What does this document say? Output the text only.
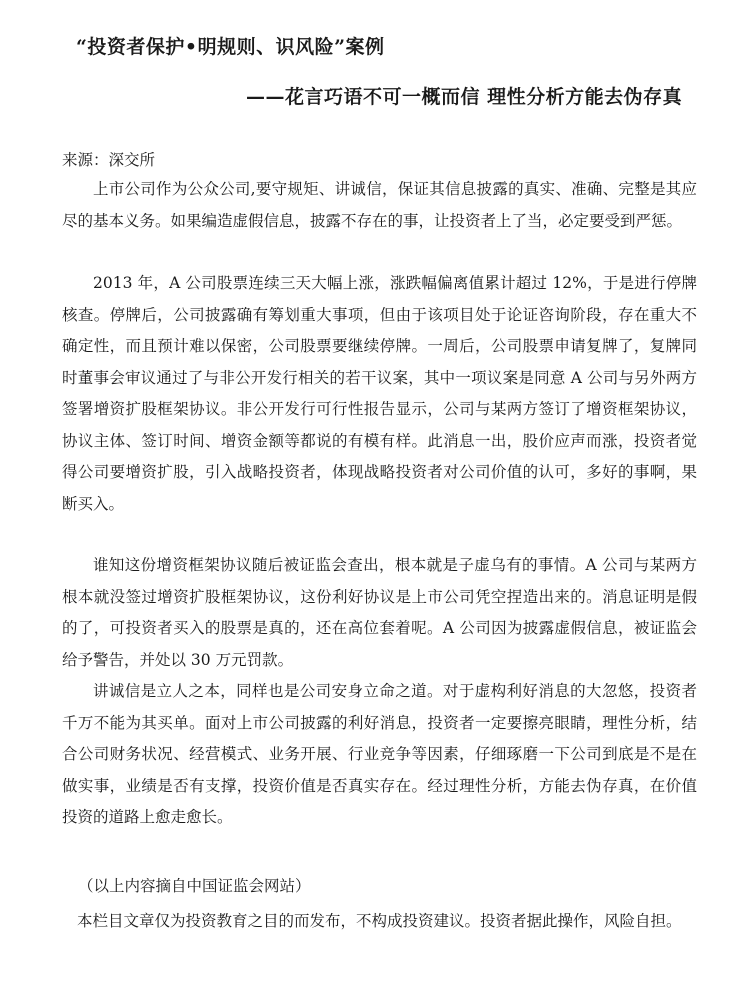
“投资者保护•明规则、识风险”案例
——花言巧语不可一概而信 理性分析方能去伪存真
来源：深交所

上市公司作为公众公司,要守规矩、讲诚信，保证其信息披露的真实、准确、完整是其应尽的基本义务。如果编造虚假信息，披露不存在的事，让投资者上了当，必定要受到严惩。

2013 年，A 公司股票连续三天大幅上涨，涨跌幅偏离值累计超过 12%，于是进行停牌核查。停牌后，公司披露确有筹划重大事项，但由于该项目处于论证咨询阶段，存在重大不确定性，而且预计难以保密，公司股票要继续停牌。一周后，公司股票申请复牌了，复牌同时董事会审议通过了与非公开发行相关的若干议案，其中一项议案是同意 A 公司与另外两方签署增资扩股框架协议。非公开发行可行性报告显示，公司与某两方签订了增资框架协议，协议主体、签订时间、增资金额等都说的有模有样。此消息一出，股价应声而涨，投资者觉得公司要增资扩股，引入战略投资者，体现战略投资者对公司价值的认可，多好的事啊，果断买入。

谁知这份增资框架协议随后被证监会查出，根本就是子虚乌有的事情。A 公司与某两方根本就没签过增资扩股框架协议，这份利好协议是上市公司凭空捏造出来的。消息证明是假的了，可投资者买入的股票是真的，还在高位套着呢。A 公司因为披露虚假信息，被证监会给予警告，并处以 30 万元罚款。

讲诚信是立人之本，同样也是公司安身立命之道。对于虚构利好消息的大忽悠，投资者千万不能为其买单。面对上市公司披露的利好消息，投资者一定要擦亮眼睛，理性分析，结合公司财务状况、经营模式、业务开展、行业竞争等因素，仔细琢磨一下公司到底是不是在做实事，业绩是否有支撑，投资价值是否真实存在。经过理性分析，方能去伪存真，在价值投资的道路上愈走愈长。

（以上内容摘自中国证监会网站）

本栏目文章仅为投资教育之目的而发布，不构成投资建议。投资者据此操作，风险自担。
